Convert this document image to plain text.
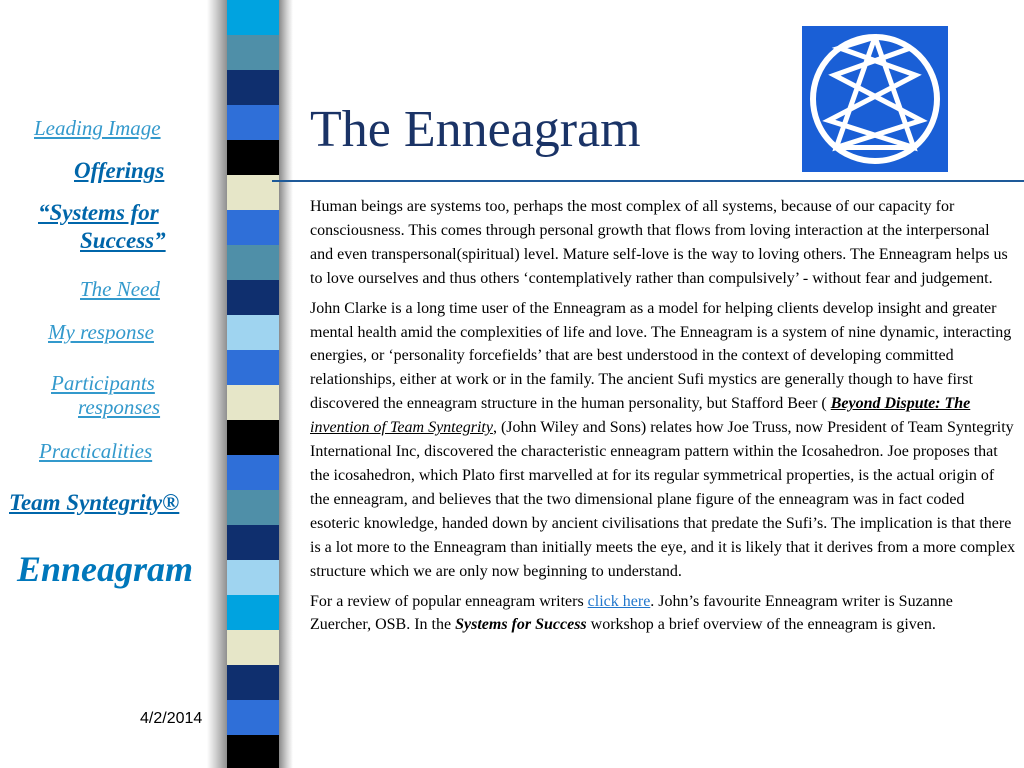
Leading Image
Offerings
“Systems for
Success”
The Need
My response
Participants
responses
Practicalities
Team Syntegrity®
Enneagram
4/2/2014
The Enneagram

Human beings are systems too, perhaps the most complex of all systems, because of our capacity for consciousness. This comes through personal growth that flows from loving interaction at the interpersonal and even transpersonal(spiritual) level. Mature self-love is the way to loving others. The Enneagram helps us to love ourselves and thus others ‘contemplatively rather than compulsively’ - without fear and judgement.

John Clarke is a long time user of the Enneagram as a model for helping clients develop insight and greater mental health amid the complexities of life and love. The Enneagram is a system of nine dynamic, interacting energies, or ‘personality forcefields’ that are best understood in the context of developing committed relationships, either at work or in the family. The ancient Sufi mystics are generally though to have first discovered the enneagram structure in the human personality, but Stafford Beer ( Beyond Dispute: The invention of Team Syntegrity, (John Wiley and Sons) relates how Joe Truss, now President of Team Syntegrity International Inc, discovered the characteristic enneagram pattern within the Icosahedron. Joe proposes that the icosahedron, which Plato first marvelled at for its regular symmetrical properties, is the actual origin of the enneagram, and believes that the two dimensional plane figure of the enneagram was in fact coded esoteric knowledge, handed down by ancient civilisations that predate the Sufi’s. The implication is that there is a lot more to the Enneagram than initially meets the eye, and it is likely that it derives from a more complex structure which we are only now beginning to understand.

For a review of popular enneagram writers click here. John’s favourite Enneagram writer is Suzanne Zuercher, OSB. In the Systems for Success workshop a brief overview of the enneagram is given.
